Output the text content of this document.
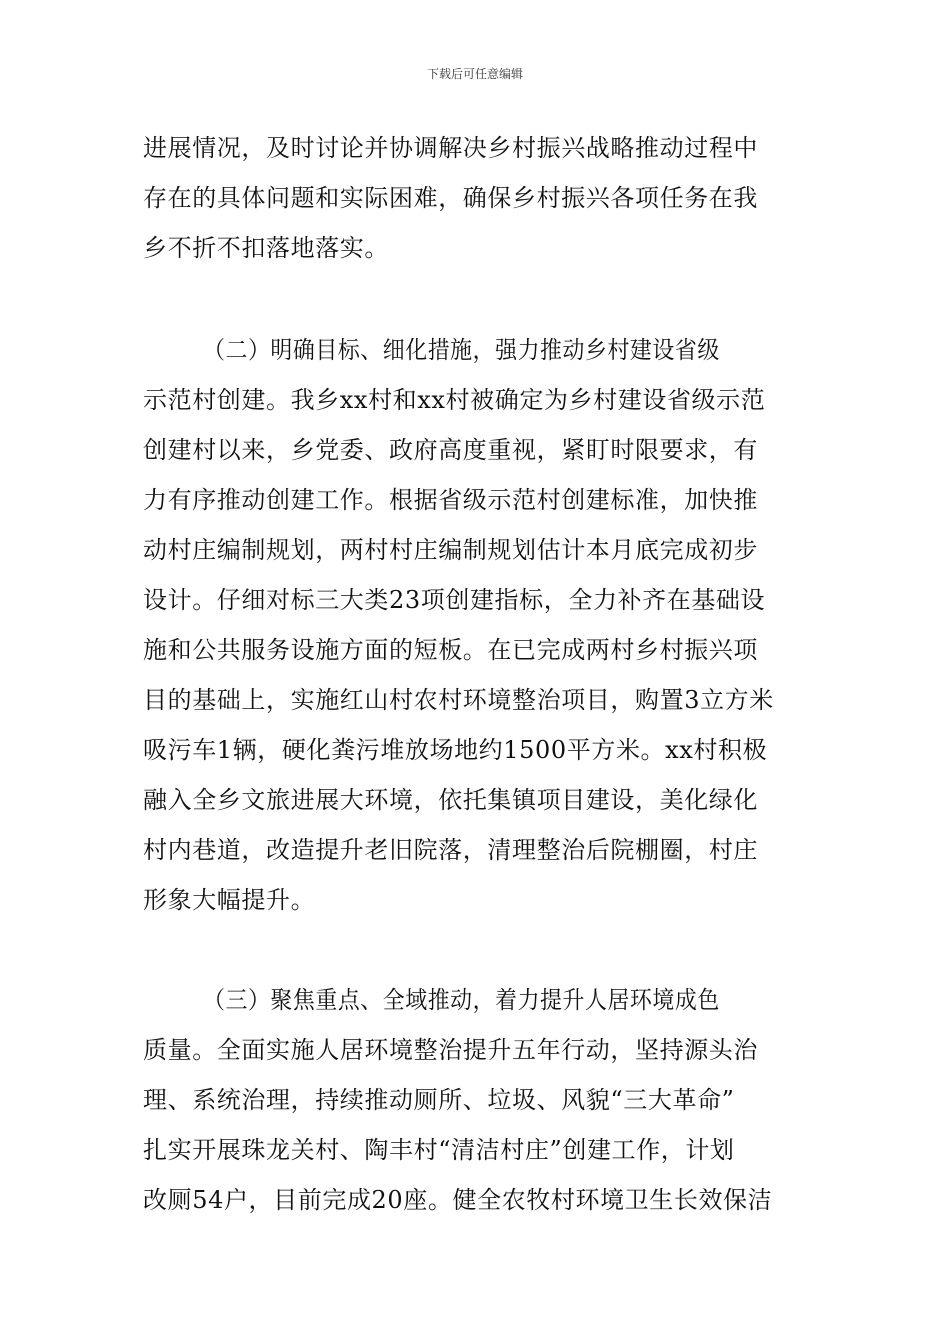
下载后可任意编辑
进展情况，及时讨论并协调解决乡村振兴战略推动过程中
存在的具体问题和实际困难，确保乡村振兴各项任务在我
乡不折不扣落地落实。
（二）明确目标、细化措施，强力推动乡村建设省级
示范村创建。我乡xx村和xx村被确定为乡村建设省级示范
创建村以来，乡党委、政府高度重视，紧盯时限要求，有
力有序推动创建工作。根据省级示范村创建标准，加快推
动村庄编制规划，两村村庄编制规划估计本月底完成初步
设计。仔细对标三大类23项创建指标，全力补齐在基础设
施和公共服务设施方面的短板。在已完成两村乡村振兴项
目的基础上，实施红山村农村环境整治项目，购置3立方米
吸污车1辆，硬化粪污堆放场地约1500平方米。xx村积极
融入全乡文旅进展大环境，依托集镇项目建设，美化绿化
村内巷道，改造提升老旧院落，清理整治后院棚圈，村庄
形象大幅提升。
（三）聚焦重点、全域推动，着力提升人居环境成色
质量。全面实施人居环境整治提升五年行动，坚持源头治
理、系统治理，持续推动厕所、垃圾、风貌“三大革命”
扎实开展珠龙关村、陶丰村“清洁村庄”创建工作，计划
改厕54户，目前完成20座。健全农牧村环境卫生长效保洁
